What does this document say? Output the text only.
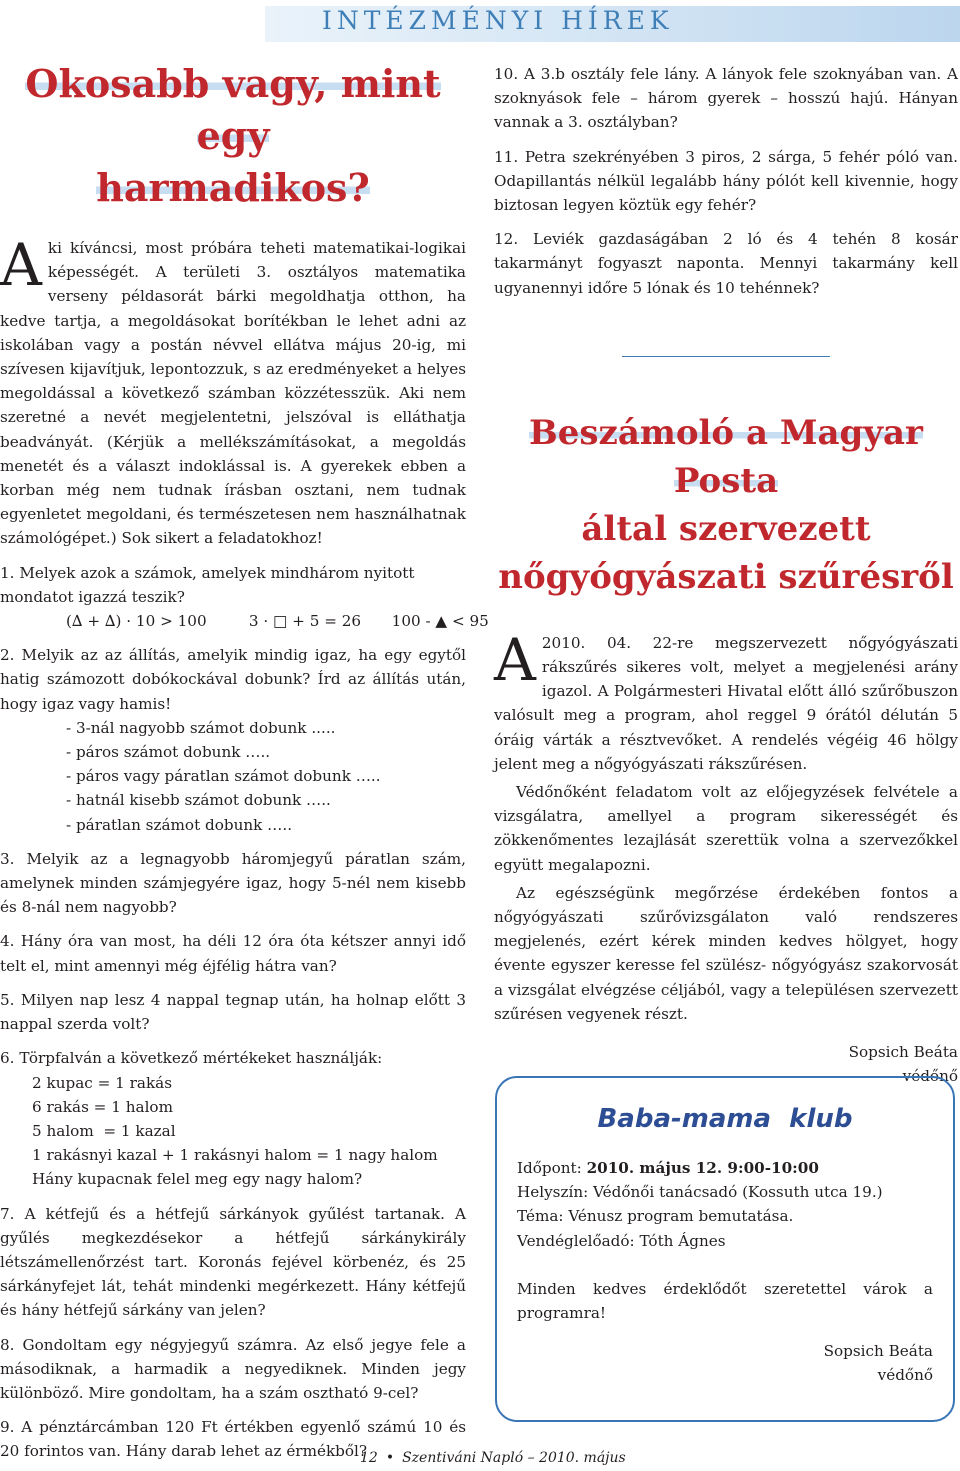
INTÉZMÉNYI HÍREK
Okosabb vagy, mint egy
harmadikos?

Aki kíváncsi, most próbára teheti matematikai-logikai képességét. A területi 3. osztályos matematika verseny példasorát bárki megoldhatja otthon, ha kedve tartja, a megoldásokat borítékban le lehet adni az iskolában vagy a postán névvel ellátva május 20-ig, mi szívesen kijavítjuk, lepontozzuk, s az eredményeket a helyes megoldással a következő számban közzétesszük. Aki nem szeretné a nevét megjelentetni, jelszóval is elláthatja beadványát. (Kérjük a mellékszámításokat, a megoldás menetét és a választ indoklással is. A gyerekek ebben a korban még nem tudnak írásban osztani, nem tudnak egyenletet megoldani, és természetesen nem használhatnak számológépet.) Sok sikert a feladatokhoz!

1. Melyek azok a számok, amelyek mindhárom nyitott mondatot igazzá teszik?

(∆ + ∆) · 10 > 100	3 · □ + 5 = 26 100 - ▲ < 95

2. Melyik az az állítás, amelyik mindig igaz, ha egy egytől hatig számozott dobókockával dobunk? Írd az állítás után, hogy igaz vagy hamis!

- 3-nál nagyobb számot dobunk .....

- páros számot dobunk …..

- páros vagy páratlan számot dobunk …..

- hatnál kisebb számot dobunk …..

- páratlan számot dobunk …..

3. Melyik az a legnagyobb háromjegyű páratlan szám, amelynek minden számjegyére igaz, hogy 5-nél nem kisebb és 8-nál nem nagyobb?

4. Hány óra van most, ha déli 12 óra óta kétszer annyi idő telt el, mint amennyi még éjfélig hátra van?

5. Milyen nap lesz 4 nappal tegnap után, ha holnap előtt 3 nappal szerda volt?

6. Törpfalván a következő mértékeket használják:

2 kupac = 1 rakás

6 rakás = 1 halom

5 halom  = 1 kazal

1 rakásnyi kazal + 1 rakásnyi halom = 1 nagy halom

Hány kupacnak felel meg egy nagy halom?

7. A kétfejű és a hétfejű sárkányok gyűlést tartanak. A gyűlés megkezdésekor a hétfejű sárkánykirály létszámellenőrzést tart. Koronás fejével körbenéz, és 25 sárkányfejet lát, tehát mindenki megérkezett. Hány kétfejű és hány hétfejű sárkány van jelen?

8. Gondoltam egy négyjegyű számra. Az első jegye fele a másodiknak, a harmadik a negyediknek. Minden jegy különböző. Mire gondoltam, ha a szám osztható 9-cel?

9. A pénztárcámban 120 Ft értékben egyenlő számú 10 és 20 forintos van. Hány darab lehet az érmékből?

10. A 3.b osztály fele lány. A lányok fele szoknyában van. A szoknyások fele – három gyerek – hosszú hajú. Hányan vannak a 3. osztályban?

11. Petra szekrényében 3 piros, 2 sárga, 5 fehér póló van. Odapillantás nélkül legalább hány pólót kell kivennie, hogy biztosan legyen köztük egy fehér?

12. Leviék gazdaságában 2 ló és 4 tehén 8 kosár takarmányt fogyaszt naponta. Mennyi takarmány kell ugyanennyi időre 5 lónak és 10 tehénnek?

Beszámoló a Magyar Posta
által szervezett
nőgyógyászati szűrésről

A 2010. 04. 22-re megszervezett nőgyógyászati rákszűrés sikeres volt, melyet a megjelenési arány igazol. A Polgármesteri Hivatal előtt álló szűrőbuszon valósult meg a program, ahol reggel 9 órától délután 5 óráig várták a résztvevőket. A rendelés végéig 46 hölgy jelent meg a nőgyógyászati rákszűrésen.

Védőnőként feladatom volt az előjegyzések felvétele a vizsgálatra, amellyel a program sikerességét és zökkenőmentes lezajlását szerettük volna a szervezőkkel együtt megalapozni.

Az egészségünk megőrzése érdekében fontos a nőgyógyászati szűrővizsgálaton való rendszeres megjelenés, ezért kérek minden kedves hölgyet, hogy évente egyszer keresse fel szülész- nőgyógyász szakorvosát a vizsgálat elvégzése céljából, vagy a településen szervezett szűrésen vegyenek részt.

Sopsich Beáta

védőnő

Baba-mama  klub

Időpont: 2010. május 12. 9:00-10:00

Helyszín: Védőnői tanácsadó (Kossuth utca 19.)

Téma: Vénusz program bemutatása.

Vendéglelőadó: Tóth Ágnes

Minden kedves érdeklődőt szeretettel várok a programra!

Sopsich Beáta

védőnő

12 • Szentiváni Napló – 2010. május
